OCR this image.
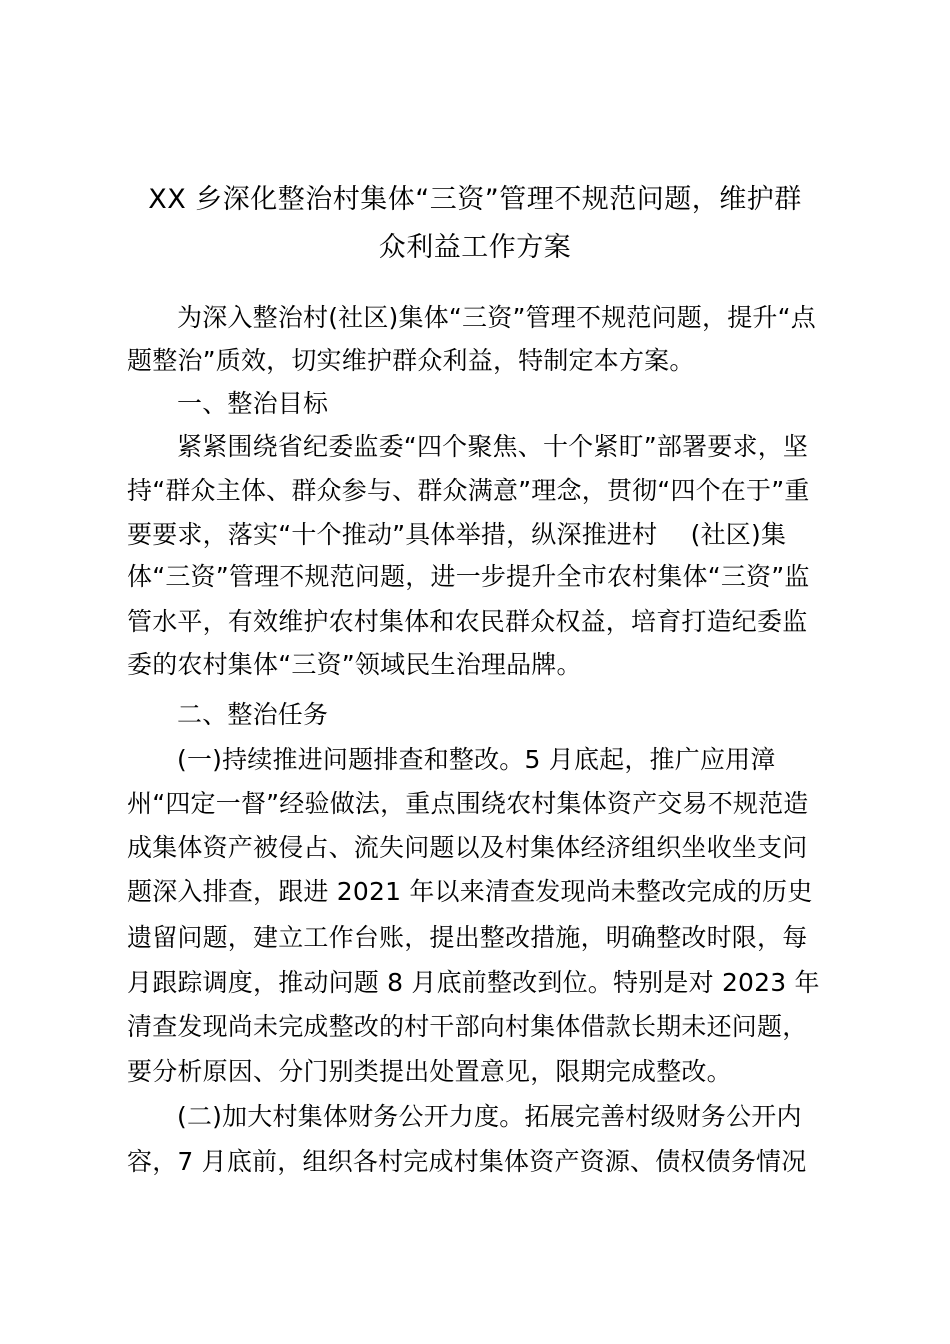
XX 乡深化整治村集体“三资”管理不规范问题，维护群
众利益工作方案
为深入整治村(社区)集体“三资”管理不规范问题，提升“点
题整治”质效，切实维护群众利益，特制定本方案。
一、整治目标
紧紧围绕省纪委监委“四个聚焦、十个紧盯”部署要求，坚
持“群众主体、群众参与、群众满意”理念，贯彻“四个在于”重
要要求，落实“十个推动”具体举措，纵深推进村　 (社区)集
体“三资”管理不规范问题，进一步提升全市农村集体“三资”监
管水平，有效维护农村集体和农民群众权益，培育打造纪委监
委的农村集体“三资”领域民生治理品牌。
二、整治任务
(一)持续推进问题排查和整改。5 月底起，推广应用漳
州“四定一督”经验做法，重点围绕农村集体资产交易不规范造
成集体资产被侵占、流失问题以及村集体经济组织坐收坐支问
题深入排查，跟进 2021 年以来清查发现尚未整改完成的历史
遗留问题，建立工作台账，提出整改措施，明确整改时限，每
月跟踪调度，推动问题 8 月底前整改到位。特别是对 2023 年
清查发现尚未完成整改的村干部向村集体借款长期未还问题，
要分析原因、分门别类提出处置意见，限期完成整改。
(二)加大村集体财务公开力度。拓展完善村级财务公开内
容，7 月底前，组织各村完成村集体资产资源、债权债务情况
